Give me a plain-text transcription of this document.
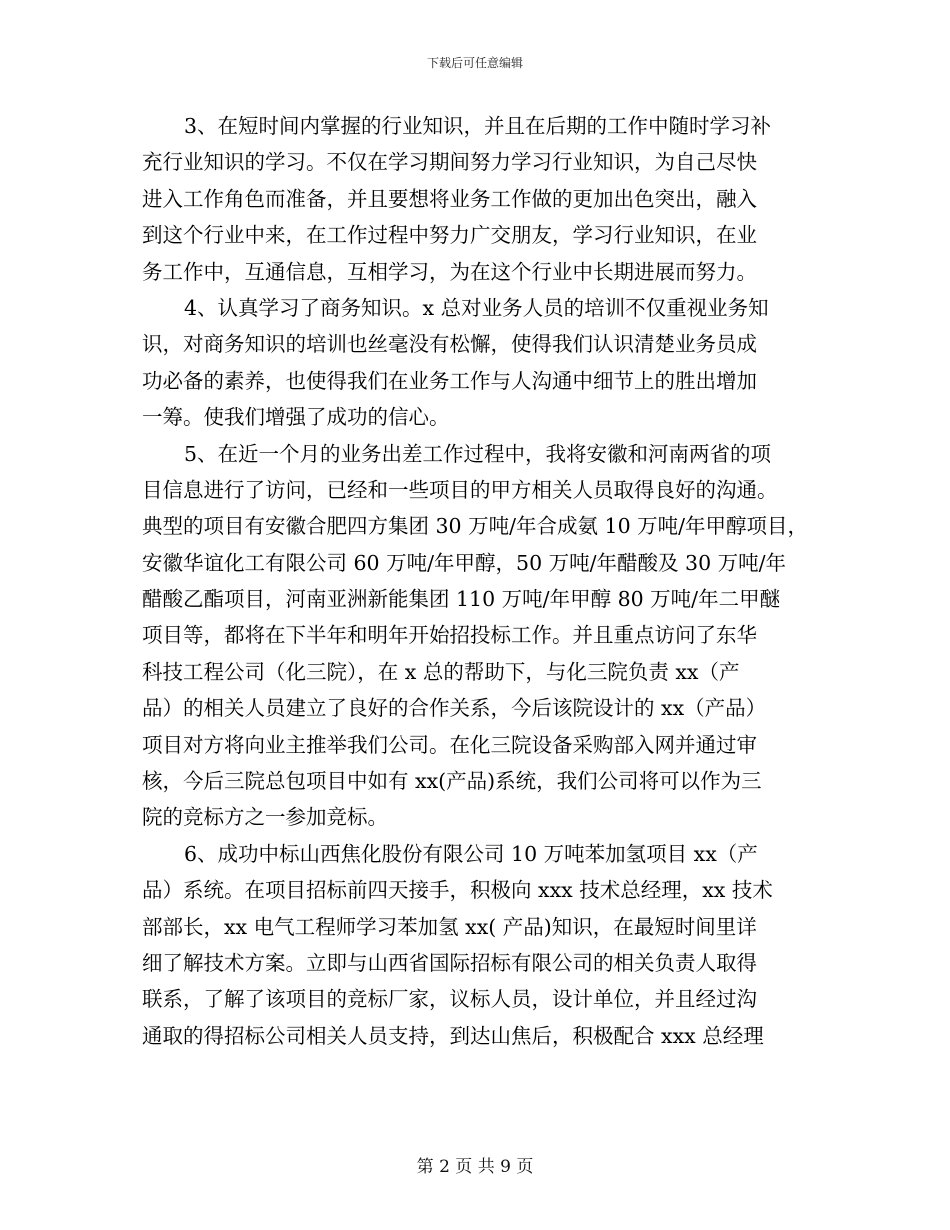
下载后可任意编辑
3、在短时间内掌握的行业知识，并且在后期的工作中随时学习补
充行业知识的学习。不仅在学习期间努力学习行业知识，为自己尽快
进入工作角色而准备，并且要想将业务工作做的更加出色突出，融入
到这个行业中来，在工作过程中努力广交朋友，学习行业知识，在业
务工作中，互通信息，互相学习，为在这个行业中长期进展而努力。
4、认真学习了商务知识。x 总对业务人员的培训不仅重视业务知
识，对商务知识的培训也丝毫没有松懈，使得我们认识清楚业务员成
功必备的素养，也使得我们在业务工作与人沟通中细节上的胜出增加
一筹。使我们增强了成功的信心。
5、在近一个月的业务出差工作过程中，我将安徽和河南两省的项
目信息进行了访问，已经和一些项目的甲方相关人员取得良好的沟通。
典型的项目有安徽合肥四方集团 30 万吨/年合成氨 10 万吨/年甲醇项目，
安徽华谊化工有限公司 60 万吨/年甲醇，50 万吨/年醋酸及 30 万吨/年
醋酸乙酯项目，河南亚洲新能集团 110 万吨/年甲醇 80 万吨/年二甲醚
项目等，都将在下半年和明年开始招投标工作。并且重点访问了东华
科技工程公司（化三院），在 x 总的帮助下，与化三院负责 xx（产
品）的相关人员建立了良好的合作关系，今后该院设计的 xx（产品）
项目对方将向业主推举我们公司。在化三院设备采购部入网并通过审
核，今后三院总包项目中如有 xx(产品)系统，我们公司将可以作为三
院的竞标方之一参加竞标。
6、成功中标山西焦化股份有限公司 10 万吨苯加氢项目 xx（产
品）系统。在项目招标前四天接手，积极向 xxx 技术总经理，xx 技术
部部长，xx 电气工程师学习苯加氢 xx( 产品)知识，在最短时间里详
细了解技术方案。立即与山西省国际招标有限公司的相关负责人取得
联系，了解了该项目的竞标厂家，议标人员，设计单位，并且经过沟
通取的得招标公司相关人员支持，到达山焦后，积极配合 xxx 总经理
第 2 页 共 9 页
